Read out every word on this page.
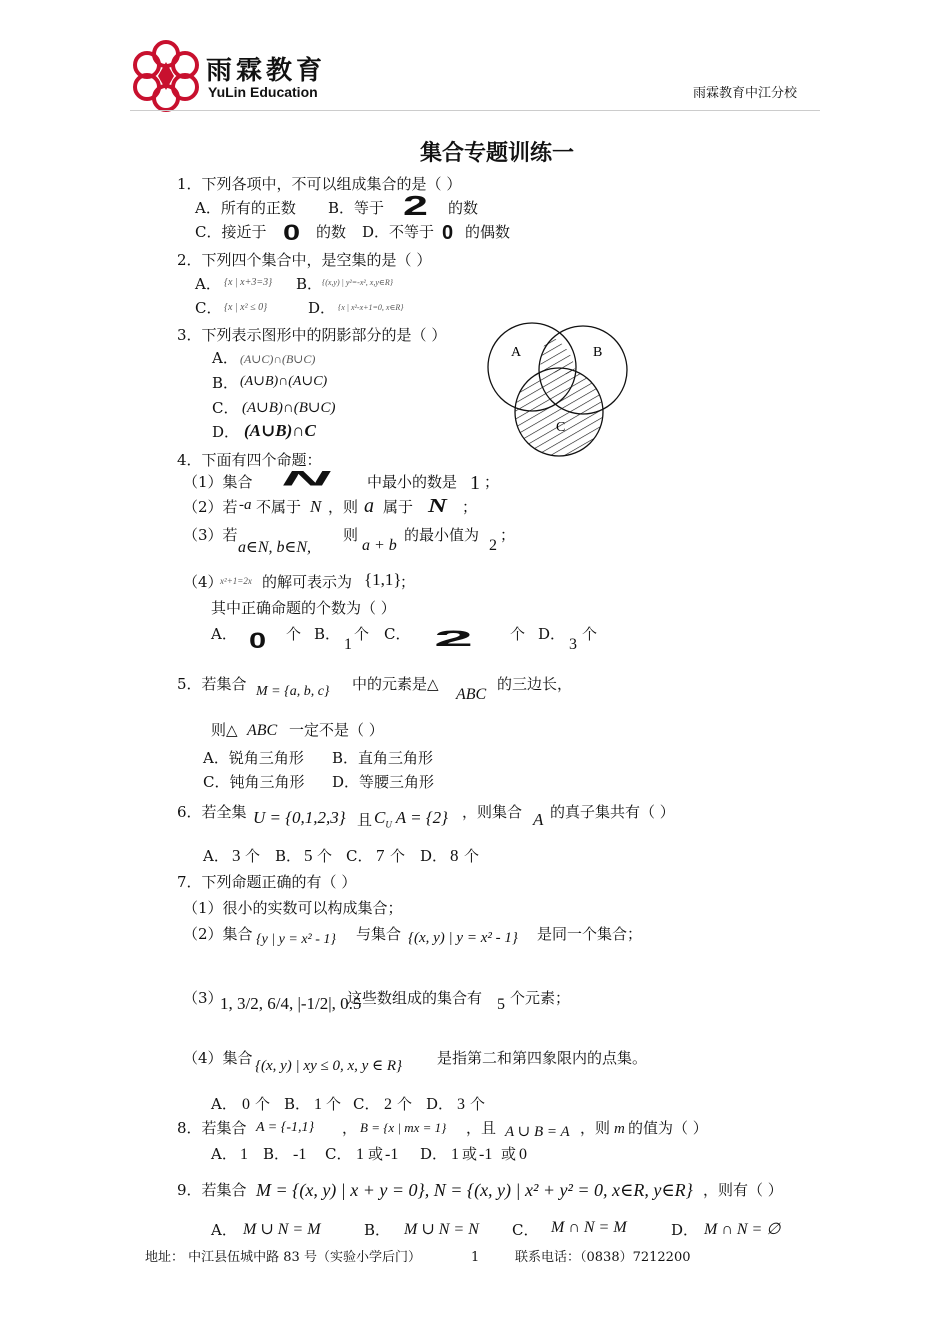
雨霖教育
YuLin Education	雨霖教育中江分校
集合专题训练一
1．下列各项中，不可以组成集合的是（ ）
A．所有的正数 B．等于 2 的数
C．接近于 0 的数 D．不等于 0 的偶数
2．下列四个集合中，是空集的是（ ）
A． {x | x+3=3} B． {(x,y) | y²=-x², x,y∈R}
C． {x | x² ≤ 0}	D． {x | x²-x+1=0, x∈R}
3．下列表示图形中的阴影部分的是（ ）
A． (A∪C)∩(B∪C)
B． (A∪B)∩(A∪C)
C． (A∪B)∩(B∪C)
D． (A∪B)∩C
A	B
C
4．下面有四个命题：
（1）集合 N 中最小的数是 1 ；
（2）若 -a 不属于 N ，则 a 属于 N ；
（3）若
a∈N, b∈N,
则
a + b
的最小值为
2
；
（4）
x²+1=2x 的解可表示为 {1,1}
；
其中正确命题的个数为（ ）
A． 0 个 B．
1
个 C． 2 个 D．
3
个
5．若集合 M = {a, b, c} 中的元素是△
ABC
的三边长，
则△ ABC 一定不是（ ）
A．锐角三角形 B．直角三角形
C．钝角三角形 D．等腰三角形
6．若全集 U = {0,1,2,3} 且 $C_U$ A = {2} ，则集合 A 的真子集共有（ ）
A． 3 个 B． 5 个 C． 7 个 D． 8 个
7．下列命题正确的有（ ）
（1）很小的实数可以构成集合；
（2）集合 {y | y = x² - 1} 与集合 {(x, y) | y = x² - 1} 是同一个集合；
（3）
1, 3/2, 6/4, |-1/2|, 0.5
这些数组成的集合有 5 个元素；
（4）集合 {(x, y) | xy ≤ 0, x, y ∈ R} 是指第二和第四象限内的点集。
A． 0 个 B． 1 个 C． 2 个 D． 3 个
8．若集合 A = {-1,1} ， B = {x | mx = 1} ，且 A ∪ B = A ，则 m 的值为（ ）
A． 1 B． -1 C． 1 或 -1 D． 1 或 -1 或 0
9．若集合 M = {(x, y) | x + y = 0}, N = {(x, y) | x² + y² = 0, x∈R, y∈R} ，则有（ ）
A． M ∪ N = M	B． M ∪ N = N C． M ∩ N = M	D． M ∩ N = ∅
地址： 中江县伍城中路 83 号（实验小学后门）	1	联系电话：（0838）7212200
